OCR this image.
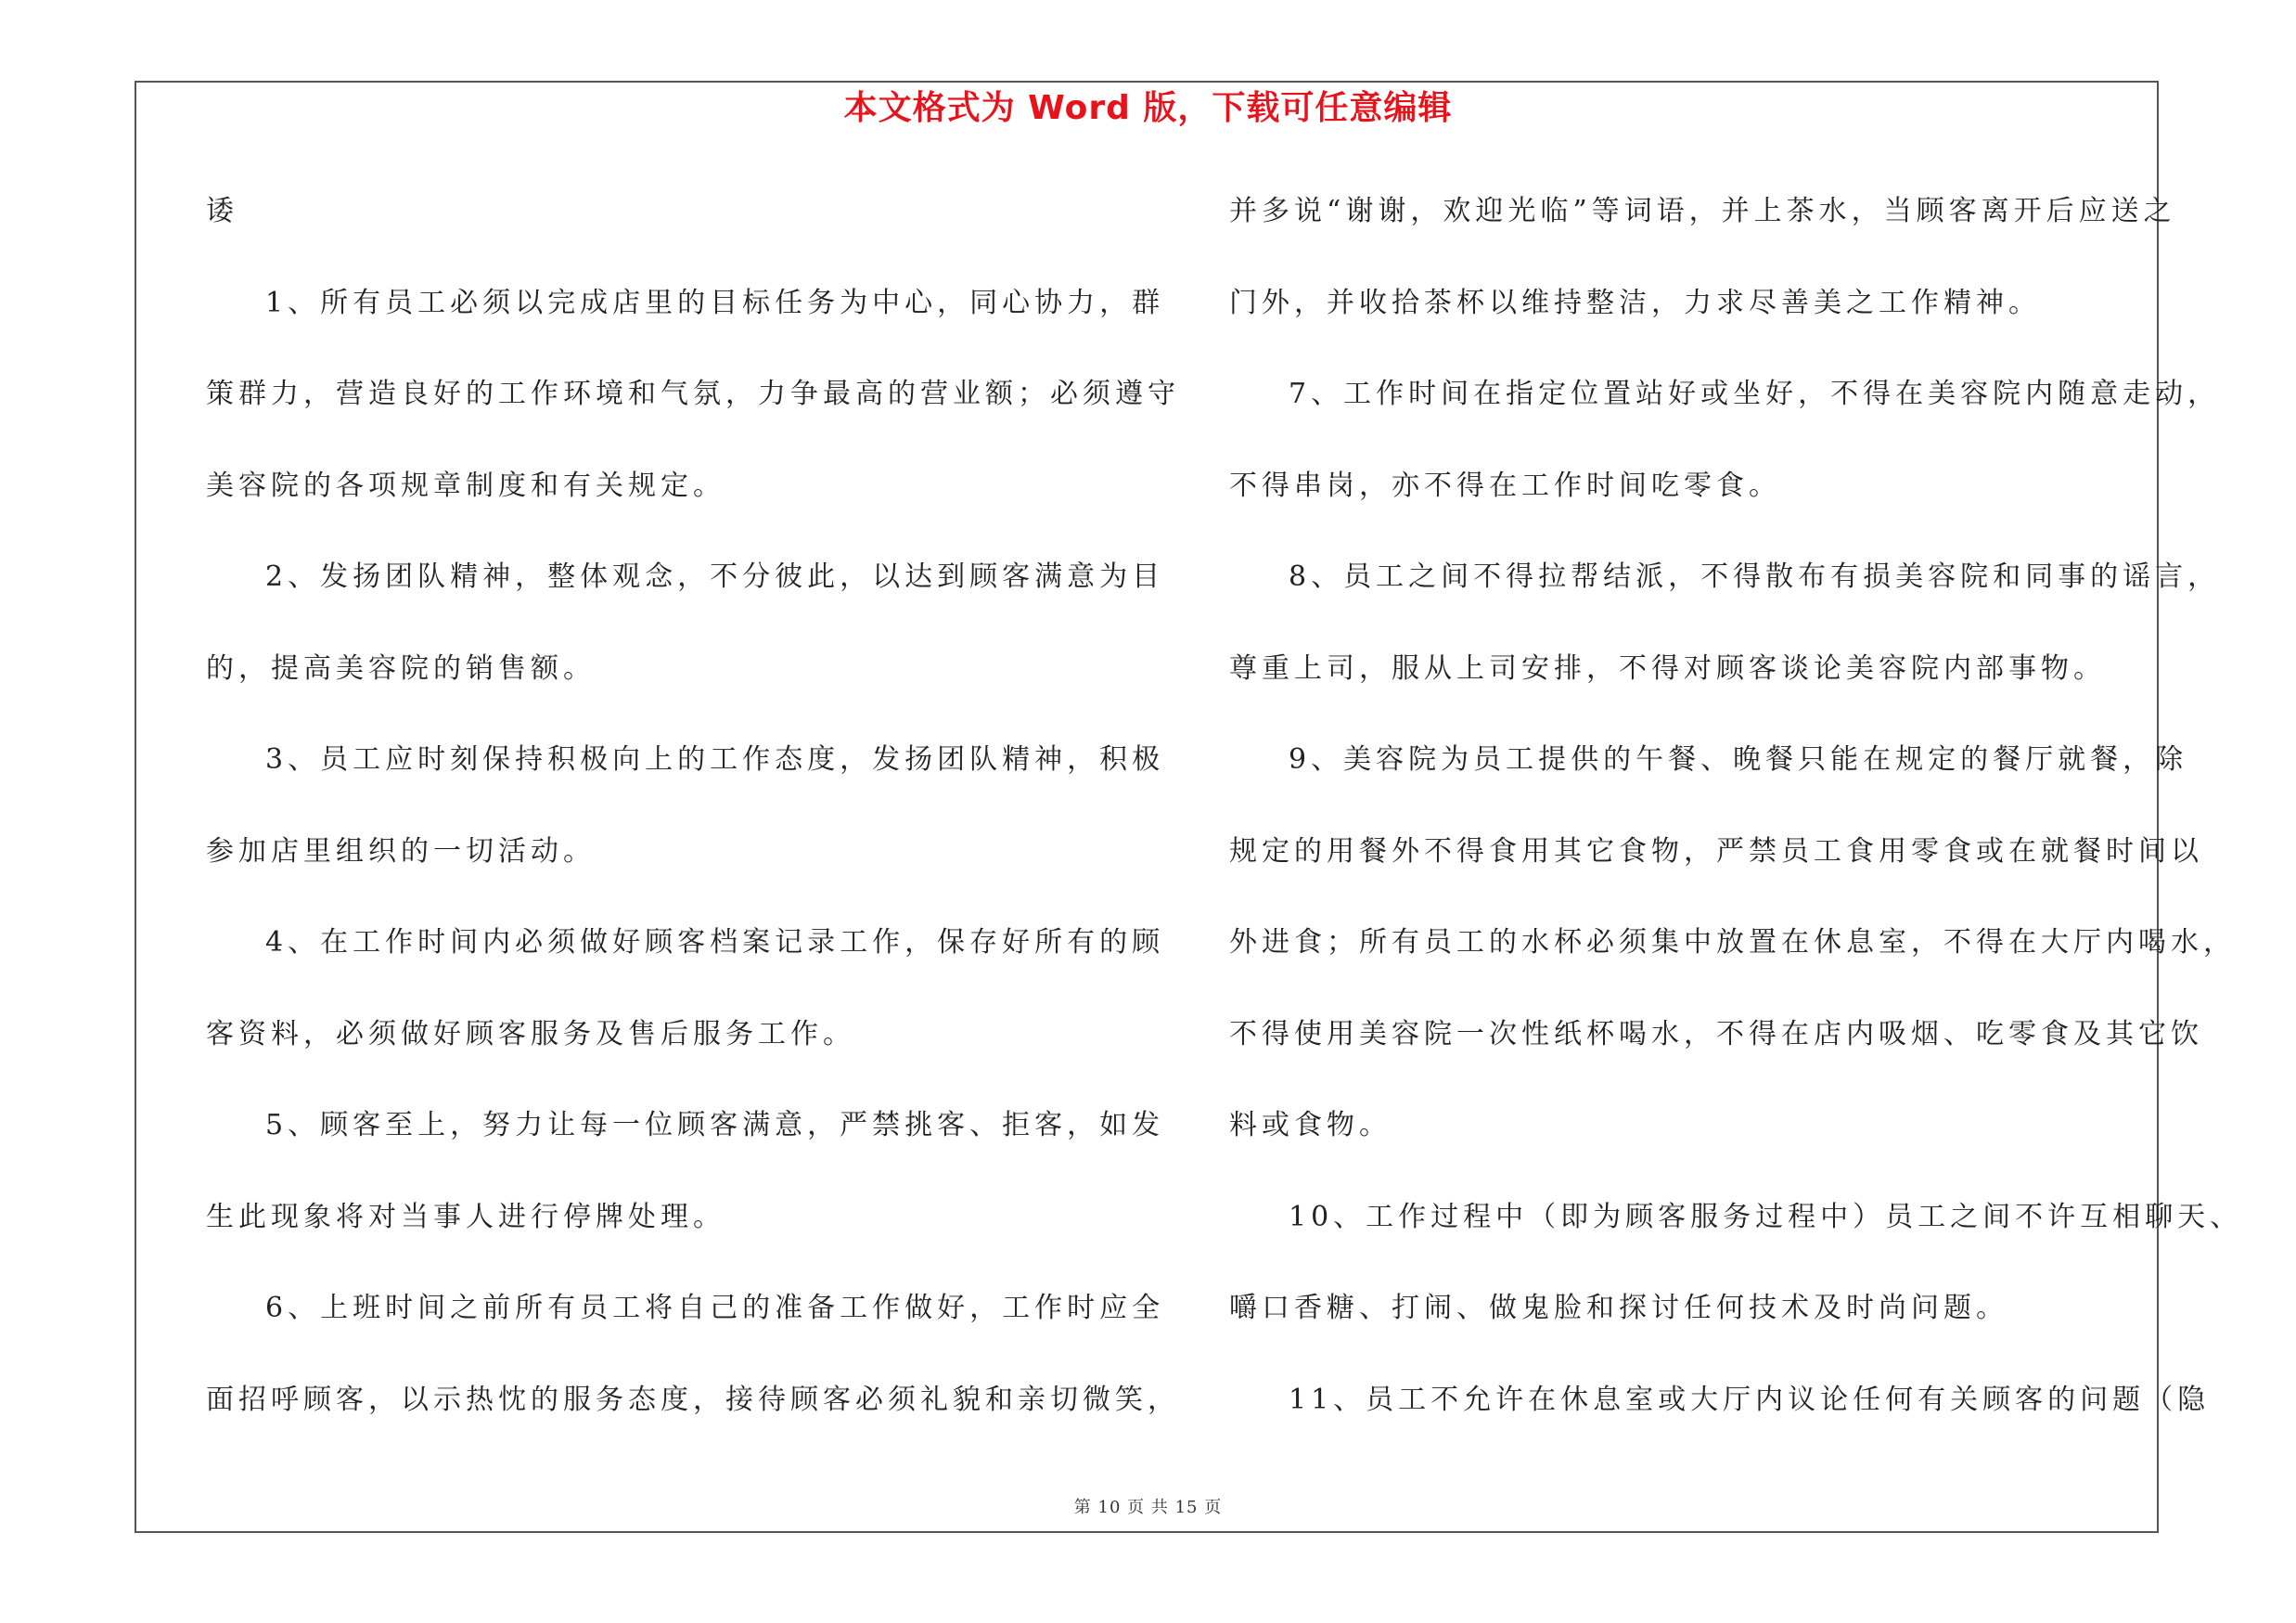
本文格式为 Word 版，下载可任意编辑
诿
1、所有员工必须以完成店里的目标任务为中心，同心协力，群
策群力，营造良好的工作环境和气氛，力争最高的营业额；必须遵守
美容院的各项规章制度和有关规定。
2、发扬团队精神，整体观念，不分彼此，以达到顾客满意为目
的，提高美容院的销售额。
3、员工应时刻保持积极向上的工作态度，发扬团队精神，积极
参加店里组织的一切活动。
4、在工作时间内必须做好顾客档案记录工作，保存好所有的顾
客资料，必须做好顾客服务及售后服务工作。
5、顾客至上，努力让每一位顾客满意，严禁挑客、拒客，如发
生此现象将对当事人进行停牌处理。
6、上班时间之前所有员工将自己的准备工作做好，工作时应全
面招呼顾客，以示热忱的服务态度，接待顾客必须礼貌和亲切微笑，
并多说“谢谢，欢迎光临”等词语，并上茶水，当顾客离开后应送之
门外，并收拾茶杯以维持整洁，力求尽善美之工作精神。
7、工作时间在指定位置站好或坐好，不得在美容院内随意走动，
不得串岗，亦不得在工作时间吃零食。
8、员工之间不得拉帮结派，不得散布有损美容院和同事的谣言，
尊重上司，服从上司安排，不得对顾客谈论美容院内部事物。
9、美容院为员工提供的午餐、晚餐只能在规定的餐厅就餐，除
规定的用餐外不得食用其它食物，严禁员工食用零食或在就餐时间以
外进食；所有员工的水杯必须集中放置在休息室，不得在大厅内喝水，
不得使用美容院一次性纸杯喝水，不得在店内吸烟、吃零食及其它饮
料或食物。
10、工作过程中（即为顾客服务过程中）员工之间不许互相聊天、
嚼口香糖、打闹、做鬼脸和探讨任何技术及时尚问题。
11、员工不允许在休息室或大厅内议论任何有关顾客的问题（隐
第 10 页 共 15 页
